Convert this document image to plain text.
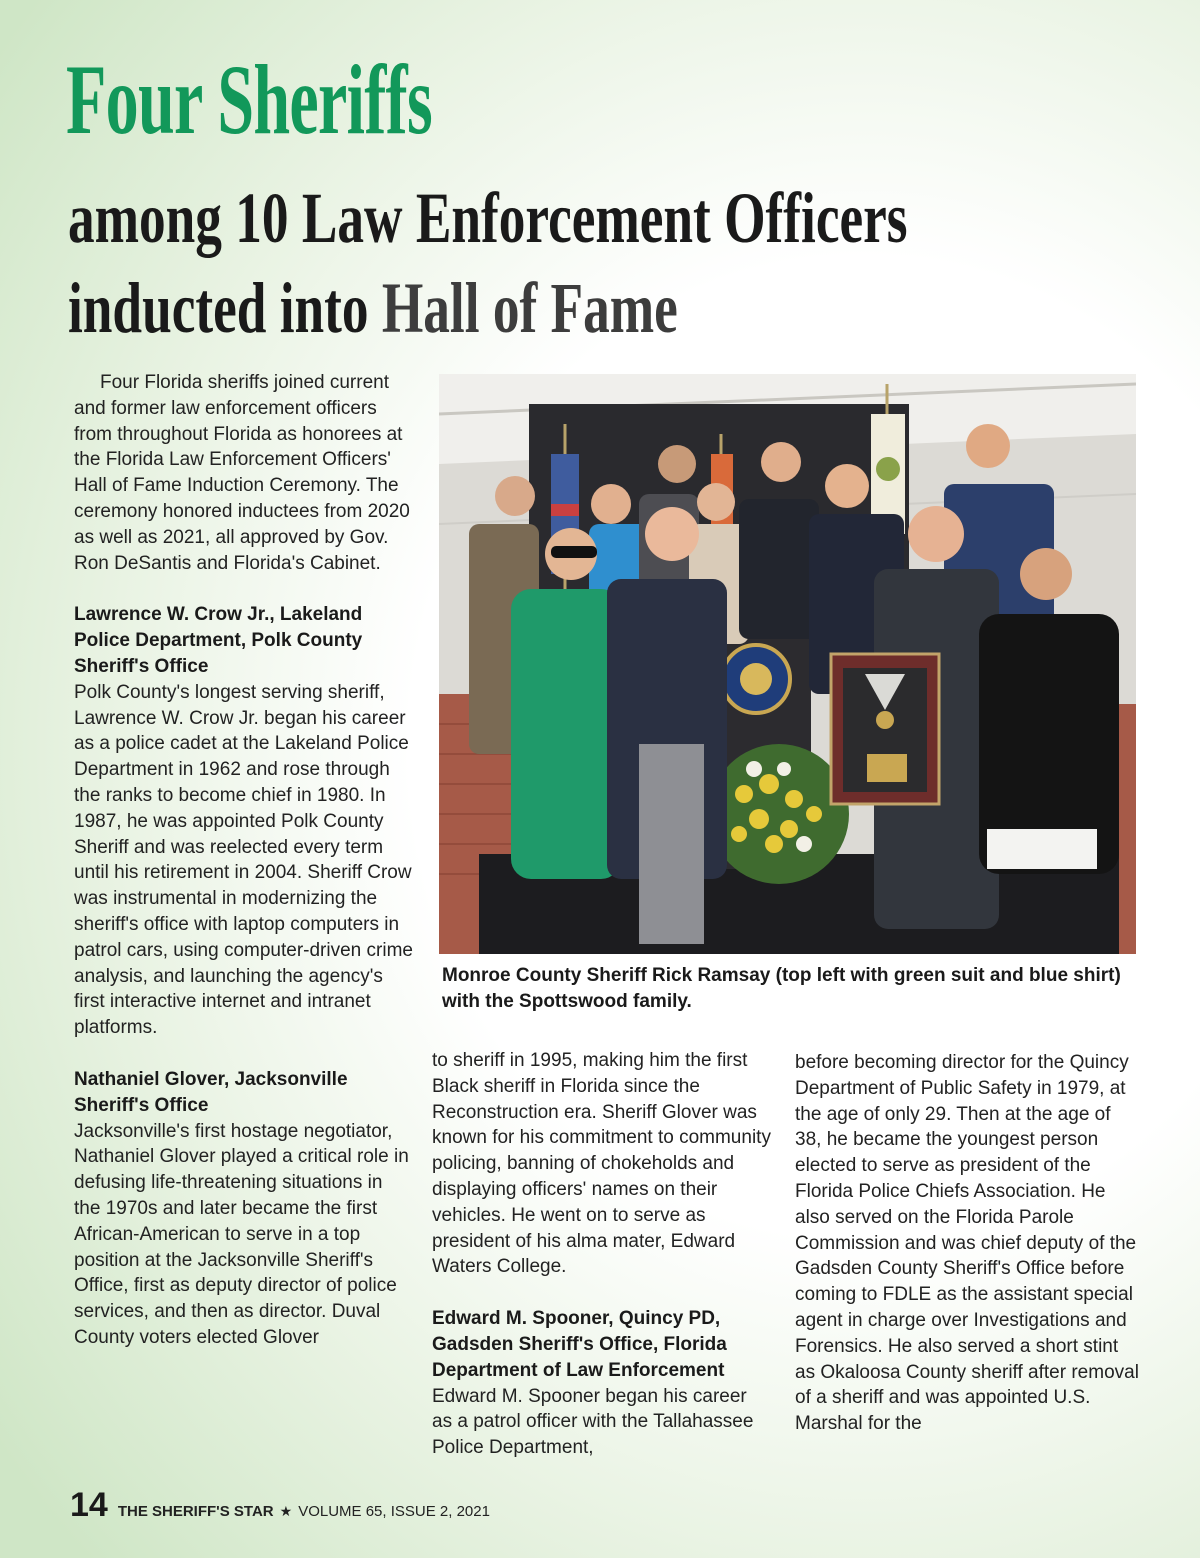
Four Sheriffs
among 10 Law Enforcement Officers
inducted into Hall of Fame

Four Florida sheriffs joined current and former law enforcement officers from throughout Florida as honorees at the Florida Law Enforcement Officers' Hall of Fame Induction Ceremony. The ceremony honored inductees from 2020 as well as 2021, all approved by Gov. Ron DeSantis and Florida's Cabinet.

Lawrence W. Crow Jr., Lakeland Police Department, Polk County Sheriff's Office

Polk County's longest serving sheriff, Lawrence W. Crow Jr. began his career as a police cadet at the Lakeland Police Department in 1962 and rose through the ranks to become chief in 1980. In 1987, he was appointed Polk County Sheriff and was reelected every term until his retirement in 2004. Sheriff Crow was instrumental in modernizing the sheriff's office with laptop computers in patrol cars, using computer-driven crime analysis, and launching the agency's first interactive internet and intranet platforms.

Nathaniel Glover, Jacksonville Sheriff's Office

Jacksonville's first hostage negotiator, Nathaniel Glover played a critical role in defusing life-threatening situations in the 1970s and later became the first African-American to serve in a top position at the Jacksonville Sheriff's Office, first as deputy director of police services, and then as director. Duval County voters elected Glover

Monroe County Sheriff Rick Ramsay (top left with green suit and blue shirt) with the Spottswood family.

to sheriff in 1995, making him the first Black sheriff in Florida since the Reconstruction era. Sheriff Glover was known for his commitment to community policing, banning of chokeholds and displaying officers' names on their vehicles. He went on to serve as president of his alma mater, Edward Waters College.

Edward M. Spooner, Quincy PD, Gadsden Sheriff's Office, Florida Department of Law Enforcement

Edward M. Spooner began his career as a patrol officer with the Tallahassee Police Department,

before becoming director for the Quincy Department of Public Safety in 1979, at the age of only 29. Then at the age of 38, he became the youngest person elected to serve as president of the Florida Police Chiefs Association. He also served on the Florida Parole Commission and was chief deputy of the Gadsden County Sheriff's Office before coming to FDLE as the assistant special agent in charge over Investigations and Forensics. He also served a short stint as Okaloosa County sheriff after removal of a sheriff and was appointed U.S. Marshal for the

14 THE SHERIFF'S STAR ★ VOLUME 65, ISSUE 2, 2021
